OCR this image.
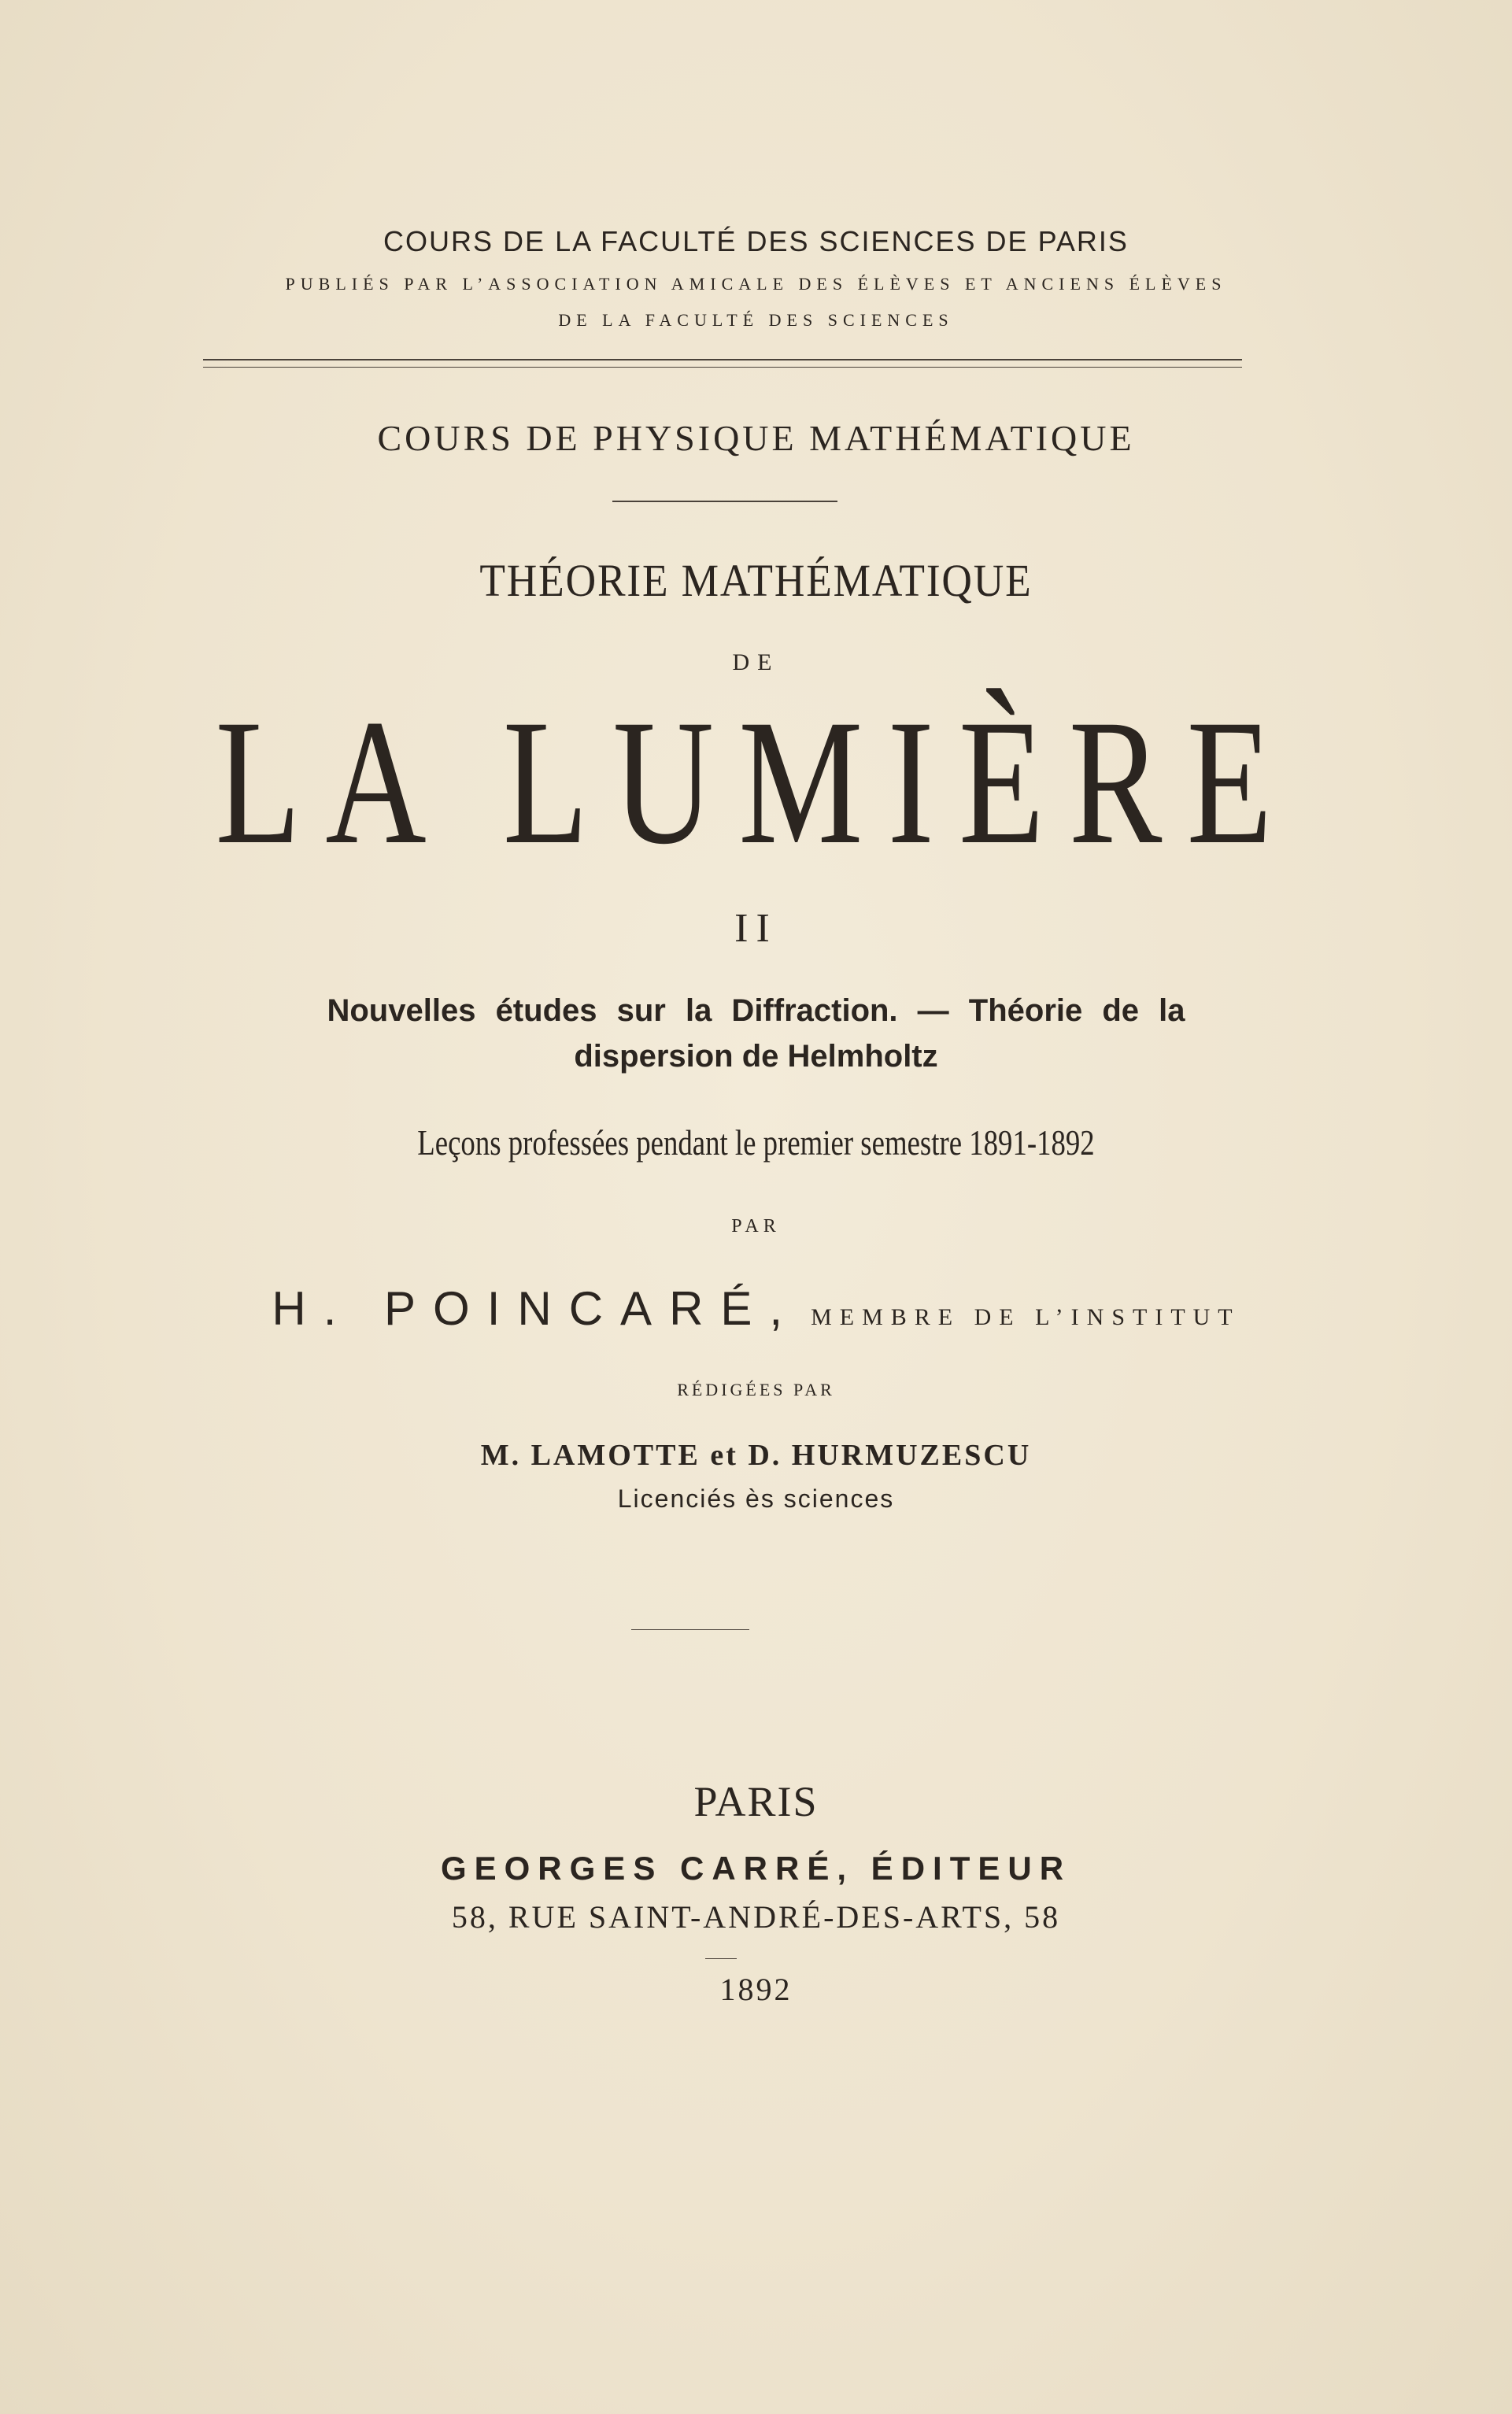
COURS DE LA FACULTÉ DES SCIENCES DE PARIS
PUBLIÉS PAR L’ASSOCIATION AMICALE DES ÉLÈVES ET ANCIENS ÉLÈVES
DE LA FACULTÉ DES SCIENCES
COURS DE PHYSIQUE MATHÉMATIQUE
THÉORIE MATHÉMATIQUE
DE
LA LUMIÈRE
II
Nouvelles études sur la Diffraction. — Théorie de la
dispersion de Helmholtz
Leçons professées pendant le premier semestre 1891-1892
PAR
H. POINCARÉ, MEMBRE DE L’INSTITUT
RÉDIGÉES PAR
M. LAMOTTE et D. HURMUZESCU
Licenciés ès sciences
PARIS
GEORGES CARRÉ, ÉDITEUR
58, RUE SAINT-ANDRÉ-DES-ARTS, 58
1892
